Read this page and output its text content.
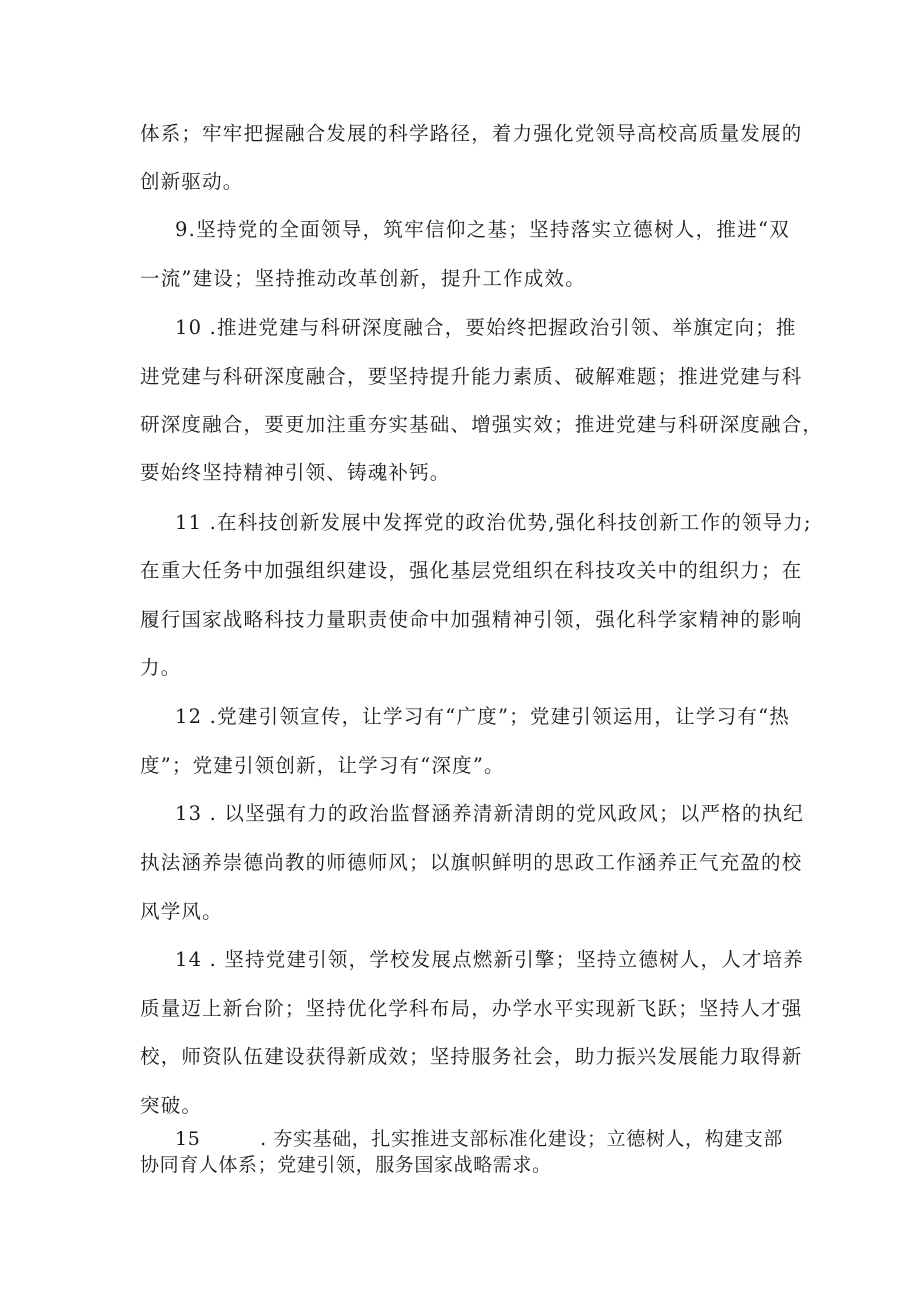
体系；牢牢把握融合发展的科学路径，着力强化党领导高校高质量发展的
创新驱动。
9.坚持党的全面领导，筑牢信仰之基；坚持落实立德树人，推进“双
一流”建设；坚持推动改革创新，提升工作成效。
10 .推进党建与科研深度融合，要始终把握政治引领、举旗定向；推
进党建与科研深度融合，要坚持提升能力素质、破解难题；推进党建与科
研深度融合，要更加注重夯实基础、增强实效；推进党建与科研深度融合，
要始终坚持精神引领、铸魂补钙。
11 .在科技创新发展中发挥党的政治优势,强化科技创新工作的领导力;
在重大任务中加强组织建设，强化基层党组织在科技攻关中的组织力；在
履行国家战略科技力量职责使命中加强精神引领，强化科学家精神的影响
力。
12 .党建引领宣传，让学习有“广度”；党建引领运用，让学习有“热
度”；党建引领创新，让学习有“深度”。
13 . 以坚强有力的政治监督涵养清新清朗的党风政风；以严格的执纪
执法涵养崇德尚教的师德师风；以旗帜鲜明的思政工作涵养正气充盈的校
风学风。
14 . 坚持党建引领，学校发展点燃新引擎；坚持立德树人，人才培养
质量迈上新台阶；坚持优化学科布局，办学水平实现新飞跃；坚持人才强
校，师资队伍建设获得新成效；坚持服务社会，助力振兴发展能力取得新
突破。
15         . 夯实基础，扎实推进支部标准化建设；立德树人，构建支部
协同育人体系；党建引领，服务国家战略需求。
